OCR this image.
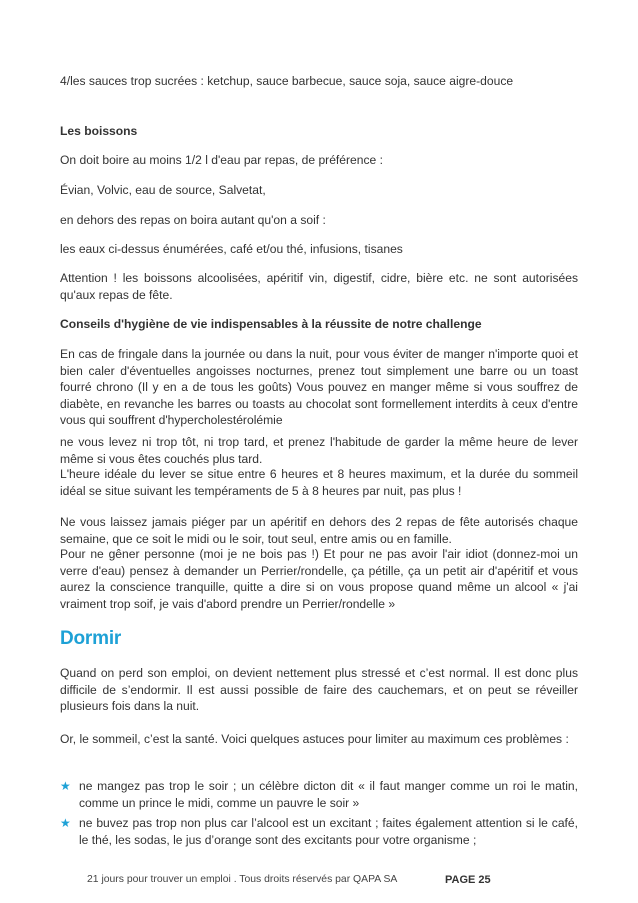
4/les sauces trop sucrées : ketchup, sauce barbecue, sauce soja, sauce aigre-douce

Les boissons

On doit boire au moins 1/2 l d'eau par repas, de préférence :

Évian, Volvic, eau de source, Salvetat,

en dehors des repas on boira autant qu'on a soif :

les eaux ci-dessus énumérées, café et/ou thé, infusions, tisanes

Attention ! les boissons alcoolisées, apéritif vin, digestif, cidre, bière etc. ne sont autorisées qu'aux repas de fête.

Conseils d'hygiène de vie indispensables à la réussite de notre challenge

En cas de fringale dans la journée ou dans la nuit, pour vous éviter de manger n'importe quoi et bien caler d'éventuelles angoisses nocturnes, prenez tout simplement une barre ou un toast fourré chrono (Il y en a de tous les goûts) Vous pouvez en manger même si vous souffrez de diabète, en revanche les barres ou toasts au chocolat sont formellement interdits à ceux d'entre vous qui souffrent d'hypercholestérolémie

ne vous levez ni trop tôt, ni trop tard, et prenez l'habitude de garder la même heure de lever même si vous êtes couchés plus tard.

L'heure idéale du lever se situe entre 6 heures et 8 heures maximum, et la durée du sommeil idéal se situe suivant les tempéraments de 5 à 8 heures par nuit, pas plus !

Ne vous laissez jamais piéger par un apéritif en dehors des 2 repas de fête autorisés chaque semaine, que ce soit le midi ou le soir, tout seul, entre amis ou en famille.

Pour ne gêner personne (moi je ne bois pas !) Et pour ne pas avoir l'air idiot (donnez-moi un verre d'eau) pensez à demander un Perrier/rondelle, ça pétille, ça un petit air d'apéritif et vous aurez la conscience tranquille, quitte a dire si on vous propose quand même un alcool « j'ai vraiment trop soif, je vais d'abord prendre un Perrier/rondelle »

Dormir

Quand on perd son emploi, on devient nettement plus stressé et c’est normal. Il est donc plus difficile de s’endormir. Il est aussi possible de faire des cauchemars, et on peut se réveiller plusieurs fois dans la nuit.

Or, le sommeil, c’est la santé. Voici quelques astuces pour limiter au maximum ces problèmes :

★ ne mangez pas trop le soir ; un célèbre dicton dit « il faut manger comme un roi le matin, comme un prince le midi, comme un pauvre le soir »
★ ne buvez pas trop non plus car l’alcool est un excitant ; faites également attention si le café, le thé, les sodas, le jus d’orange sont des excitants pour votre organisme ;
21 jours pour trouver un emploi . Tous droits réservés par QAPA SA	PAGE 25
